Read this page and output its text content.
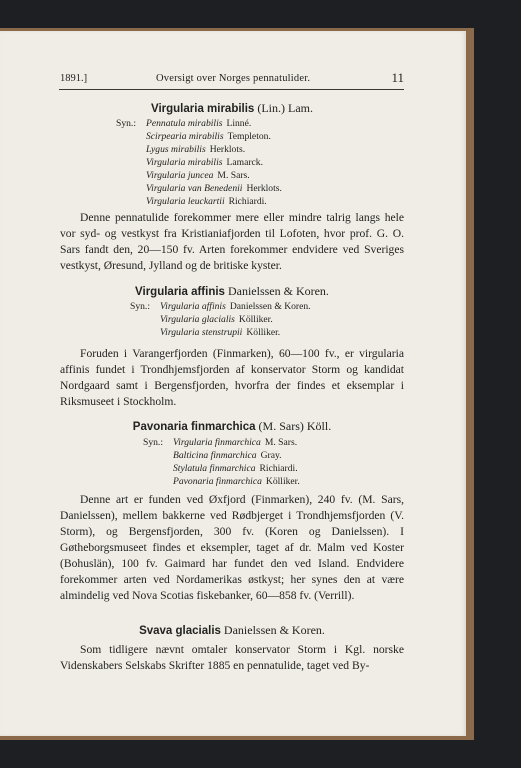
1891.]	Oversigt over Norges pennatulider.	11
Virgularia mirabilis (Lin.) Lam.
Syn.:	Pennatula mirabilis Linné.
Scirpearia mirabilis Templeton.
Lygus mirabilis Herklots.
Virgularia mirabilis Lamarck.
Virgularia juncea M. Sars.
Virgularia van Benedenii Herklots.
Virgularia leuckartii Richiardi.

Denne pennatulide forekommer mere eller mindre talrig langs hele vor syd- og vestkyst fra Kristianiafjorden til Lofoten, hvor prof. G. O. Sars fandt den, 20—150 fv. Arten forekommer endvidere ved Sveriges vestkyst, Øresund, Jylland og de britiske kyster.

Virgularia affinis Danielssen & Koren.
Syn.:	Virgularia affinis Danielssen & Koren.
Virgularia glacialis Kölliker.
Virgularia stenstrupii Kölliker.

Foruden i Varangerfjorden (Finmarken), 60—100 fv., er virgularia affinis fundet i Trondhjemsfjorden af konservator Storm og kandidat Nordgaard samt i Bergensfjorden, hvorfra der findes et eksemplar i Riksmuseet i Stockholm.

Pavonaria finmarchica (M. Sars) Köll.
Syn.:	Virgularia finmarchica M. Sars.
Balticina finmarchica Gray.
Stylatula finmarchica Richiardi.
Pavonaria finmarchica Kölliker.

Denne art er funden ved Øxfjord (Finmarken), 240 fv. (M. Sars, Danielssen), mellem bakkerne ved Rødbjerget i Trondhjemsfjorden (V. Storm), og Bergensfjorden, 300 fv. (Koren og Danielssen). I Gøtheborgsmuseet findes et eksempler, taget af dr. Malm ved Koster (Bohuslän), 100 fv. Gaimard har fundet den ved Island. Endvidere forekommer arten ved Nordamerikas østkyst; her synes den at være almindelig ved Nova Scotias fiskebanker, 60—858 fv. (Verrill).

Svava glacialis Danielssen & Koren.

Som tidligere nævnt omtaler konservator Storm i Kgl. norske Videnskabers Selskabs Skrifter 1885 en pennatulide, taget ved By-
